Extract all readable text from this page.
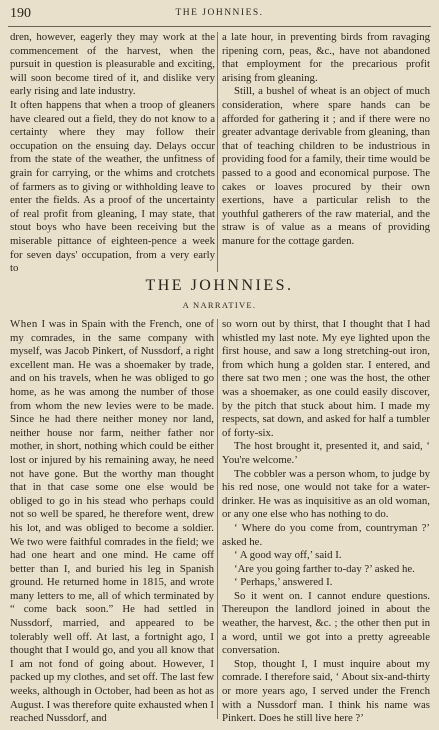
190	THE JOHNNIES.

dren, however, eagerly they may work at the commencement of the harvest, when the pursuit in question is pleasurable and exciting, will soon become tired of it, and dislike very early rising and late industry.

It often happens that when a troop of gleaners have cleared out a field, they do not know to a certainty where they may follow their occupation on the ensuing day. Delays occur from the state of the weather, the unfitness of grain for carrying, or the whims and crotchets of farmers as to giving or withholding leave to enter the fields. As a proof of the uncertainty of real profit from gleaning, I may state, that stout boys who have been receiving but the miserable pittance of eighteen-pence a week for seven days' occupation, from a very early to

a late hour, in preventing birds from ravaging ripening corn, peas, &c., have not abandoned that employment for the precarious profit arising from gleaning.

Still, a bushel of wheat is an object of much consideration, where spare hands can be afforded for gathering it ; and if there were no greater advantage derivable from gleaning, than that of teaching children to be industrious in providing food for a family, their time would be passed to a good and economical purpose. The cakes or loaves procured by their own exertions, have a particular relish to the youthful gatherers of the raw material, and the straw is of value as a means of providing manure for the cottage garden.

THE JOHNNIES.
A NARRATIVE.

When I was in Spain with the French, one of my comrades, in the same company with myself, was Jacob Pinkert, of Nussdorf, a right excellent man. He was a shoemaker by trade, and on his travels, when he was obliged to go home, as he was among the number of those from whom the new levies were to be made. Since he had there neither money nor land, neither house nor farm, neither father nor mother, in short, nothing which could be either lost or injured by his remaining away, he need not have gone. But the worthy man thought that in that case some one else would be obliged to go in his stead who perhaps could not so well be spared, he therefore went, drew his lot, and was obliged to become a soldier. We two were faithful comrades in the field; we had one heart and one mind. He came off better than I, and buried his leg in Spanish ground. He returned home in 1815, and wrote many letters to me, all of which terminated by “ come back soon.” He had settled in Nussdorf, married, and appeared to be tolerably well off. At last, a fortnight ago, I thought that I would go, and you all know that I am not fond of going about. However, I packed up my clothes, and set off. The last few weeks, although in October, had been as hot as August. I was therefore quite exhausted when I reached Nussdorf, and

so worn out by thirst, that I thought that I had whistled my last note. My eye lighted upon the first house, and saw a long stretching-out iron, from which hung a golden star. I entered, and there sat two men ; one was the host, the other was a shoemaker, as one could easily discover, by the pitch that stuck about him. I made my respects, sat down, and asked for half a tumbler of forty-six.

The host brought it, presented it, and said, ‘ You're welcome.’

The cobbler was a person whom, to judge by his red nose, one would not take for a water-drinker. He was as inquisitive as an old woman, or any one else who has nothing to do.

‘ Where do you come from, countryman ?’ asked he.

‘ A good way off,’ said I.

‘Are you going farther to-day ?’ asked he.

‘ Perhaps,’ answered I.

So it went on. I cannot endure questions. Thereupon the landlord joined in about the weather, the harvest, &c. ; the other then put in a word, until we got into a pretty agreeable conversation.

Stop, thought I, I must inquire about my comrade. I therefore said, ‘ About six-and-thirty or more years ago, I served under the French with a Nussdorf man. I think his name was Pinkert. Does he still live here ?’
